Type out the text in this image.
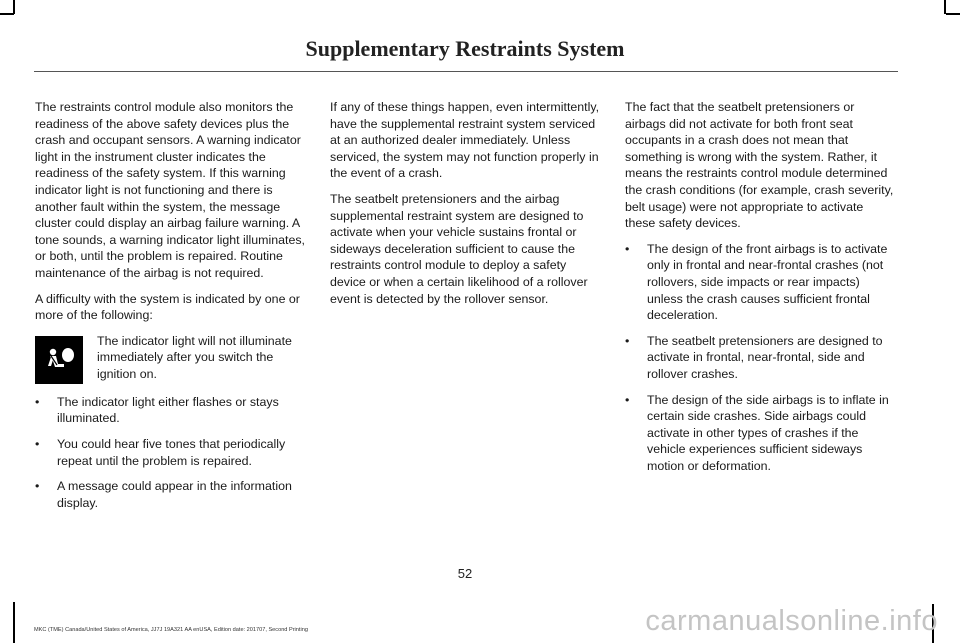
Supplementary Restraints System

The restraints control module also monitors the readiness of the above safety devices plus the crash and occupant sensors. A warning indicator light in the instrument cluster indicates the readiness of the safety system. If this warning indicator light is not functioning and there is another fault within the system, the message cluster could display an airbag failure warning. A tone sounds, a warning indicator light illuminates, or both, until the problem is repaired. Routine maintenance of the airbag is not required.

A difficulty with the system is indicated by one or more of the following:

The indicator light will not illuminate immediately after you switch the ignition on.
•	The indicator light either flashes or stays illuminated.
•	You could hear five tones that periodically repeat until the problem is repaired.
•	A message could appear in the information display.

If any of these things happen, even intermittently, have the supplemental restraint system serviced at an authorized dealer immediately. Unless serviced, the system may not function properly in the event of a crash.

The seatbelt pretensioners and the airbag supplemental restraint system are designed to activate when your vehicle sustains frontal or sideways deceleration sufficient to cause the restraints control module to deploy a safety device or when a certain likelihood of a rollover event is detected by the rollover sensor.

The fact that the seatbelt pretensioners or airbags did not activate for both front seat occupants in a crash does not mean that something is wrong with the system. Rather, it means the restraints control module determined the crash conditions (for example, crash severity, belt usage) were not appropriate to activate these safety devices.

•	The design of the front airbags is to activate only in frontal and near-frontal crashes (not rollovers, side impacts or rear impacts) unless the crash causes sufficient frontal deceleration.
•	The seatbelt pretensioners are designed to activate in frontal, near-frontal, side and rollover crashes.
•	The design of the side airbags is to inflate in certain side crashes. Side airbags could activate in other types of crashes if the vehicle experiences sufficient sideways motion or deformation.
52
MKC (TME) Canada/United States of America, JJ7J 19A321 AA enUSA, Edition date: 201707, Second Printing	carmanualsonline.info
